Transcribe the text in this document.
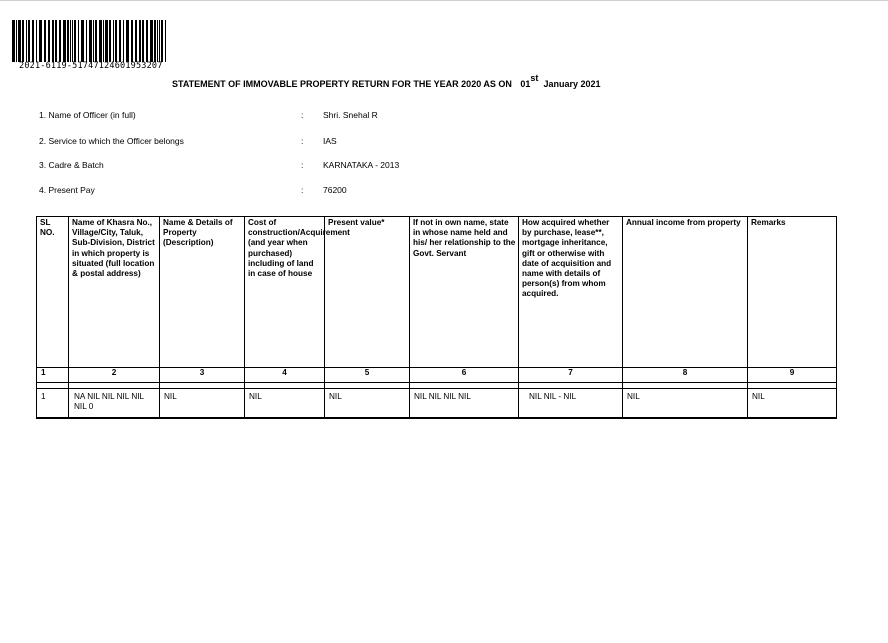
2021-6119-51747124601953207
STATEMENT OF IMMOVABLE PROPERTY RETURN FOR THE YEAR 2020 AS ON 01st  January 2021
1. Name of Officer (in full)	: Shri. Snehal R
2. Service to which the Officer belongs	: IAS
3. Cadre & Batch	: KARNATAKA - 2013
4. Present Pay	: 76200
SL NO.	Name of Khasra No., Village/City, Taluk, Sub-Division, District in which property is situated (full location & postal address)	Name & Details of Property (Description)	Cost of construction/Acquirement (and year when purchased) including of land in case of house	Present value*	If not in own name, state in whose name held and his/ her relationship to the Govt. Servant	How acquired whether by purchase, lease**, mortgage inheritance, gift or otherwise with date of acquisition and name with details of person(s) from whom acquired.	Annual income from property	Remarks
1	2	3	4	5	6	7	8	9

1	NA NIL NIL NIL NIL NIL 0	NIL	NIL	NIL	NIL NIL NIL NIL	NIL NIL - NIL	NIL	NIL
